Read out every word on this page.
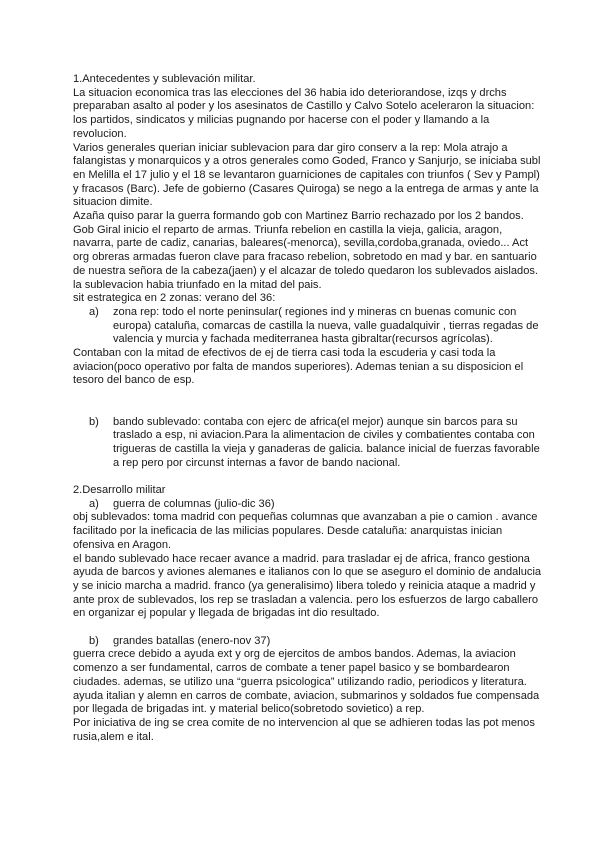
1.Antecedentes y sublevación militar.

La situacion economica tras las elecciones del 36 habia ido deteriorandose, izqs y drchs preparaban asalto al poder y los asesinatos de Castillo y Calvo Sotelo aceleraron la situacion: los partidos, sindicatos y milicias pugnando por hacerse con el poder y llamando a la revolucion.

Varios generales querian iniciar sublevacion para dar giro conserv a la rep: Mola atrajo a falangistas y monarquicos y a otros generales como Goded, Franco y Sanjurjo, se iniciaba subl en Melilla el 17 julio y el 18 se levantaron guarniciones de capitales con triunfos ( Sev y Pampl) y fracasos (Barc). Jefe de gobierno (Casares Quiroga) se nego a la entrega de armas y ante la situacion dimite.

Azaña quiso parar la guerra formando gob con Martinez Barrio rechazado por los 2 bandos. Gob Giral inicio el reparto de armas. Triunfa rebelion en castilla la vieja, galicia, aragon, navarra, parte de cadiz, canarias, baleares(-menorca), sevilla,cordoba,granada, oviedo... Act org obreras armadas fueron clave para fracaso rebelion, sobretodo en mad y bar. en santuario de nuestra señora de la cabeza(jaen) y el alcazar de toledo quedaron los sublevados aislados. la sublevacion habia triunfado en la mitad del pais.

sit estrategica en 2 zonas: verano del 36:

a)	zona rep: todo el norte peninsular( regiones ind y mineras cn buenas comunic con europa) cataluña, comarcas de castilla la nueva, valle guadalquivir , tierras regadas de valencia y murcia y fachada mediterranea hasta gibraltar(recursos agrícolas).

Contaban con la mitad de efectivos de ej de tierra casi toda la escuderia y casi toda la aviacion(poco operativo por falta de mandos superiores). Ademas tenian a su disposicion el tesoro del banco de esp.

b)	bando sublevado: contaba con ejerc de africa(el mejor) aunque sin barcos para su traslado a esp, ni aviacion.Para la alimentacion de civiles y combatientes contaba con trigueras de castilla la vieja y ganaderas de galicia. balance inicial de fuerzas favorable a rep pero por circunst internas a favor de bando nacional.

2.Desarrollo militar

a)	guerra de columnas (julio-dic 36)

obj sublevados: toma madrid con pequeñas columnas que avanzaban a pie o camion . avance facilitado por la ineficacia de las milicias populares. Desde cataluña: anarquistas inician ofensiva en Aragon.

el bando sublevado hace recaer avance a madrid. para trasladar ej de africa, franco gestiona ayuda de barcos y aviones alemanes e italianos con lo que se aseguro el dominio de andalucia y se inicio marcha a madrid. franco (ya generalisimo) libera toledo y reinicia ataque a madrid y ante prox de sublevados, los rep se trasladan a valencia. pero los esfuerzos de largo caballero en organizar ej popular y llegada de brigadas int dio resultado.

b)	grandes batallas (enero-nov 37)

guerra crece debido a ayuda ext y org de ejercitos de ambos bandos. Ademas, la aviacion comenzo a ser fundamental, carros de combate a tener papel basico y se bombardearon ciudades. ademas, se utilizo una “guerra psicologica” utilizando radio, periodicos y literatura. ayuda italian y alemn en carros de combate, aviacion, submarinos y soldados fue compensada por llegada de brigadas int. y material belico(sobretodo sovietico) a rep.

Por iniciativa de ing se crea comite de no intervencion al que se adhieren todas las pot menos rusia,alem e ital.
